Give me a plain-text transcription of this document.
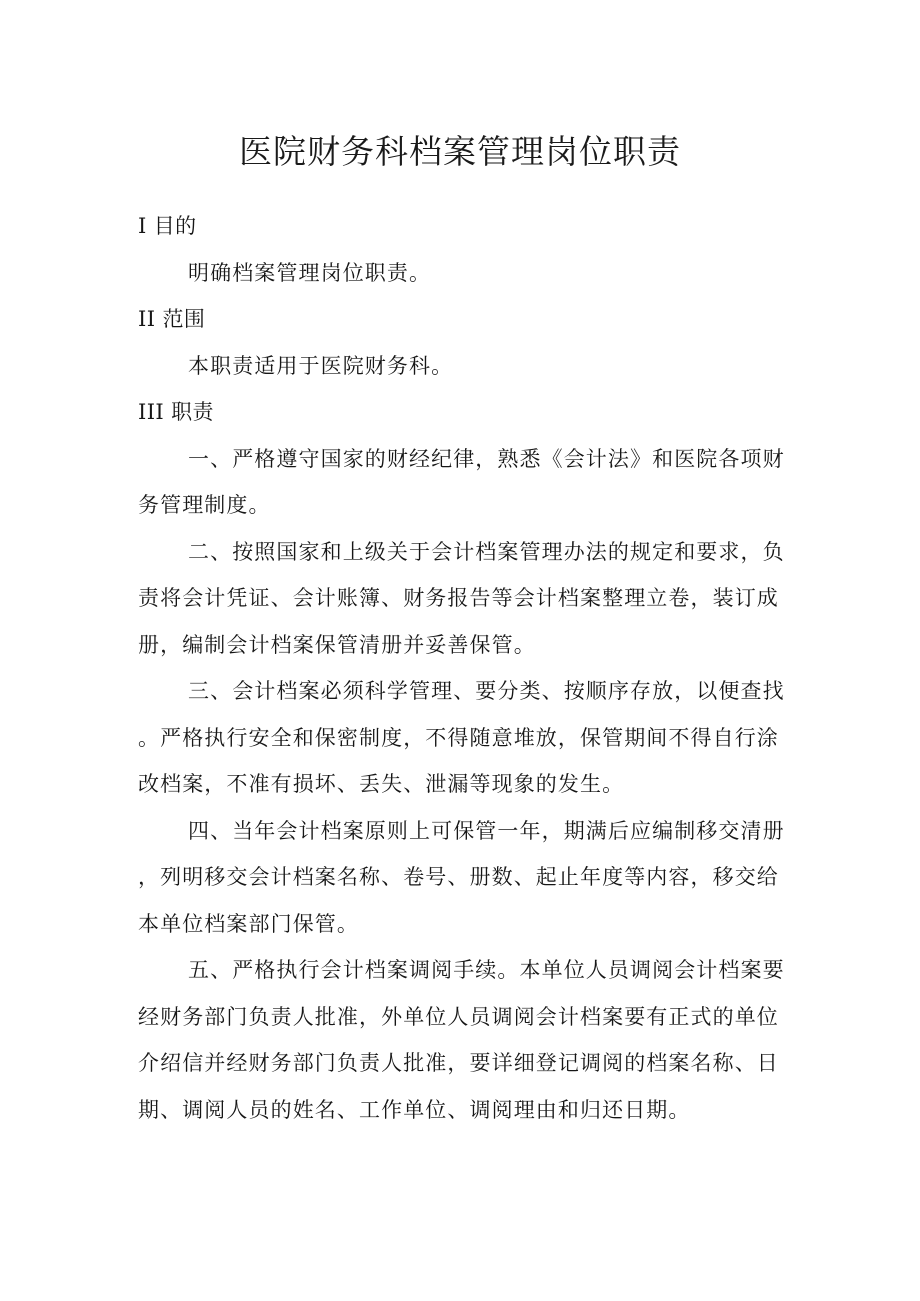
医院财务科档案管理岗位职责

I 目的

明确档案管理岗位职责。

II 范围

本职责适用于医院财务科。

III 职责

一、严格遵守国家的财经纪律，熟悉《会计法》和医院各项财务管理制度。

二、按照国家和上级关于会计档案管理办法的规定和要求，负责将会计凭证、会计账簿、财务报告等会计档案整理立卷，装订成册，编制会计档案保管清册并妥善保管。

三、会计档案必须科学管理、要分类、按顺序存放，以便查找。严格执行安全和保密制度，不得随意堆放，保管期间不得自行涂改档案，不准有损坏、丢失、泄漏等现象的发生。

四、当年会计档案原则上可保管一年，期满后应编制移交清册，列明移交会计档案名称、卷号、册数、起止年度等内容，移交给本单位档案部门保管。

五、严格执行会计档案调阅手续。本单位人员调阅会计档案要经财务部门负责人批准，外单位人员调阅会计档案要有正式的单位介绍信并经财务部门负责人批准，要详细登记调阅的档案名称、日期、调阅人员的姓名、工作单位、调阅理由和归还日期。
